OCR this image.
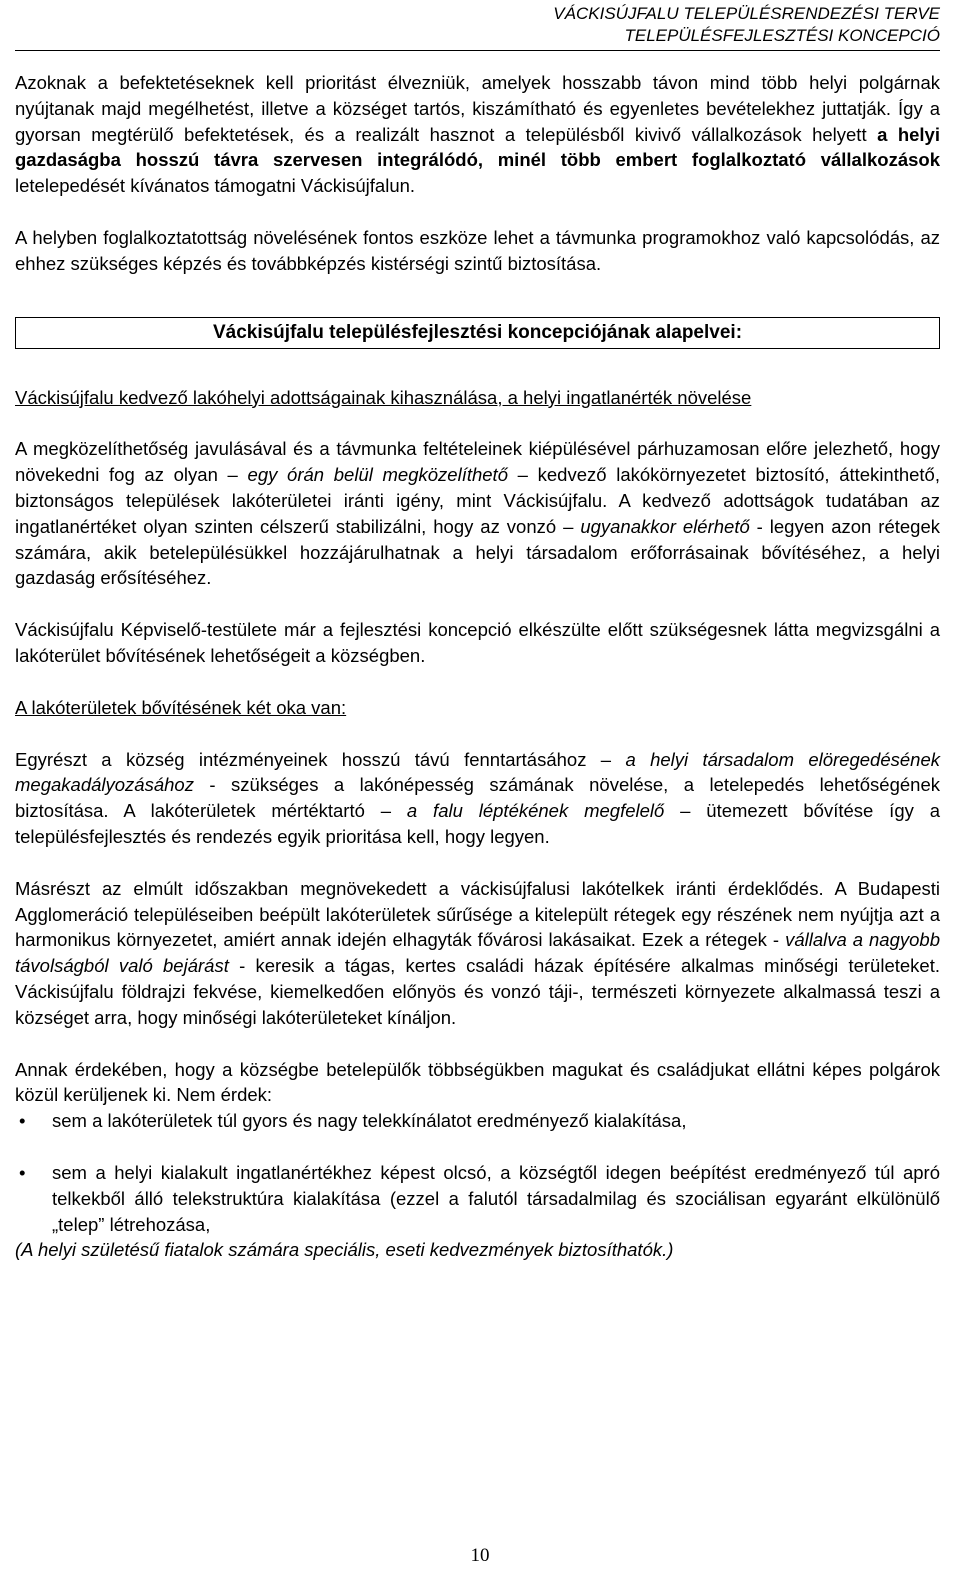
VÁCKISÚJFALU TELEPÜLÉSRENDEZÉSI TERVE
TELEPÜLÉSFEJLESZTÉSI KONCEPCIÓ

Azoknak a befektetéseknek kell prioritást élvezniük, amelyek hosszabb távon mind több helyi polgárnak nyújtanak majd megélhetést, illetve a községet tartós, kiszámítható és egyenletes bevételekhez juttatják. Így a gyorsan megtérülő befektetések, és a realizált hasznot a településből kivivő vállalkozások helyett a helyi gazdaságba hosszú távra szervesen integrálódó, minél több embert foglalkoztató vállalkozások letelepedését kívánatos támogatni Váckisújfalun.

A helyben foglalkoztatottság növelésének fontos eszköze lehet a távmunka programokhoz való kapcsolódás, az ehhez szükséges képzés és továbbképzés kistérségi szintű biztosítása.

Váckisújfalu településfejlesztési koncepciójának alapelvei:

Váckisújfalu kedvező lakóhelyi adottságainak kihasználása, a helyi ingatlanérték növelése

A megközelíthetőség javulásával és a távmunka feltételeinek kiépülésével párhuzamosan előre jelezhető, hogy növekedni fog az olyan – egy órán belül megközelíthető – kedvező lakókörnyezetet biztosító, áttekinthető, biztonságos települések lakóterületei iránti igény, mint Váckisújfalu. A kedvező adottságok tudatában az ingatlanértéket olyan szinten célszerű stabilizálni, hogy az vonzó – ugyanakkor elérhető - legyen azon rétegek számára, akik betelepülésükkel hozzájárulhatnak a helyi társadalom erőforrásainak bővítéséhez, a helyi gazdaság erősítéséhez.

Váckisújfalu Képviselő-testülete már a fejlesztési koncepció elkészülte előtt szükségesnek látta megvizsgálni a lakóterület bővítésének lehetőségeit a községben.

A lakóterületek bővítésének két oka van:

Egyrészt a község intézményeinek hosszú távú fenntartásához – a helyi társadalom elöregedésének megakadályozásához - szükséges a lakónépesség számának növelése, a letelepedés lehetőségének biztosítása. A lakóterületek mértéktartó – a falu léptékének megfelelő – ütemezett bővítése így a településfejlesztés és rendezés egyik prioritása kell, hogy legyen.

Másrészt az elmúlt időszakban megnövekedett a váckisújfalusi lakótelkek iránti érdeklődés. A Budapesti Agglomeráció településeiben beépült lakóterületek sűrűsége a kitelepült rétegek egy részének nem nyújtja azt a harmonikus környezetet, amiért annak idején elhagyták fővárosi lakásaikat. Ezek a rétegek - vállalva a nagyobb távolságból való bejárást - keresik a tágas, kertes családi házak építésére alkalmas minőségi területeket. Váckisújfalu földrajzi fekvése, kiemelkedően előnyös és vonzó táji-, természeti környezete alkalmassá teszi a községet arra, hogy minőségi lakóterületeket kínáljon.

Annak érdekében, hogy a községbe betelepülők többségükben magukat és családjukat ellátni képes polgárok közül kerüljenek ki. Nem érdek:

• sem a lakóterületek túl gyors és nagy telekkínálatot eredményező kialakítása,
• sem a helyi kialakult ingatlanértékhez képest olcsó, a községtől idegen beépítést eredményező túl apró telkekből álló telekstruktúra kialakítása (ezzel a falutól társadalmilag és szociálisan egyaránt elkülönülő „telep” létrehozása,

(A helyi születésű fiatalok számára speciális, eseti kedvezmények biztosíthatók.)

10
